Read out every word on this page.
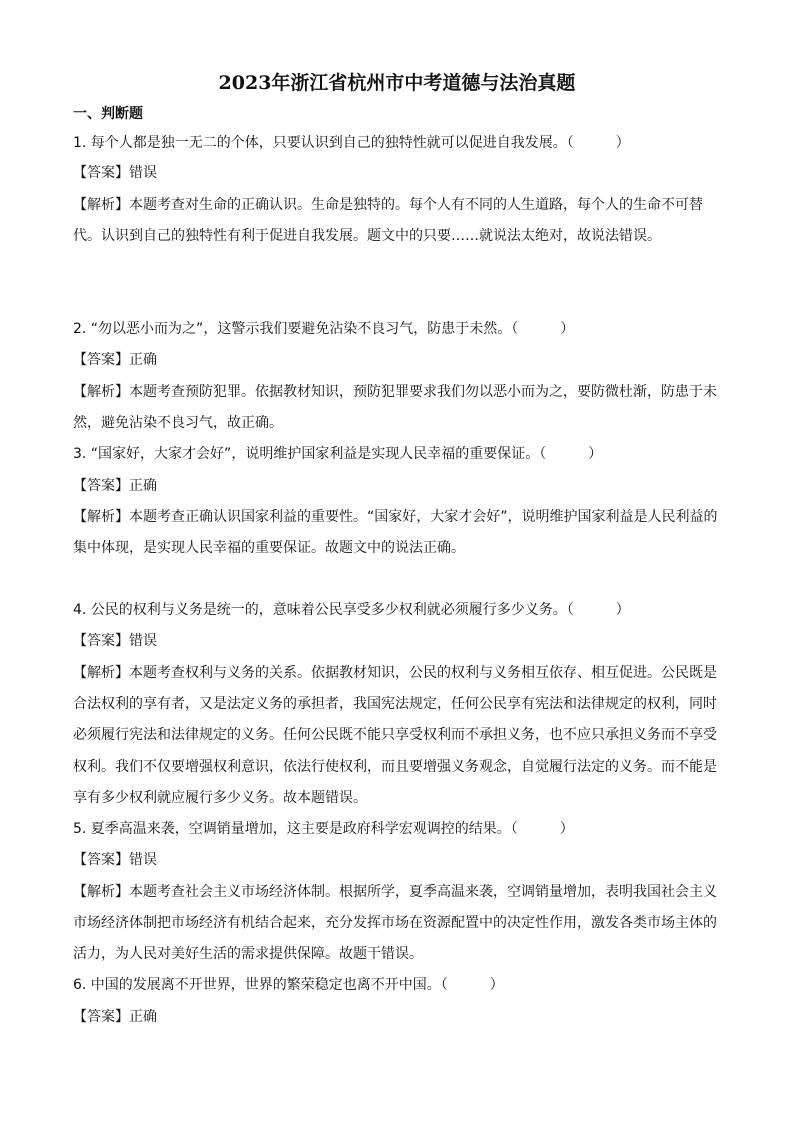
2023年浙江省杭州市中考道德与法治真题
一、判断题
1. 每个人都是独一无二的个体，只要认识到自己的独特性就可以促进自我发展。（　　　）
【答案】错误
【解析】本题考查对生命的正确认识。生命是独特的。每个人有不同的人生道路，每个人的生命不可替
代。认识到自己的独特性有利于促进自我发展。题文中的只要……就说法太绝对，故说法错误。
2. “勿以恶小而为之”，这警示我们要避免沾染不良习气，防患于未然。（　　　）
【答案】正确
【解析】本题考查预防犯罪。依据教材知识，预防犯罪要求我们勿以恶小而为之，要防微杜渐，防患于未
然，避免沾染不良习气，故正确。
3. “国家好，大家才会好”，说明维护国家利益是实现人民幸福的重要保证。（　　　）
【答案】正确
【解析】本题考查正确认识国家利益的重要性。“国家好，大家才会好”，说明维护国家利益是人民利益的
集中体现，是实现人民幸福的重要保证。故题文中的说法正确。
4. 公民的权利与义务是统一的，意味着公民享受多少权利就必须履行多少义务。（　　　）
【答案】错误
【解析】本题考查权利与义务的关系。依据教材知识，公民的权利与义务相互依存、相互促进。公民既是
合法权利的享有者，又是法定义务的承担者，我国宪法规定，任何公民享有宪法和法律规定的权利，同时
必须履行宪法和法律规定的义务。任何公民既不能只享受权利而不承担义务，也不应只承担义务而不享受
权利。我们不仅要增强权利意识，依法行使权利，而且要增强义务观念，自觉履行法定的义务。而不能是
享有多少权利就应履行多少义务。故本题错误。
5. 夏季高温来袭，空调销量增加，这主要是政府科学宏观调控的结果。（　　　）
【答案】错误
【解析】本题考查社会主义市场经济体制。根据所学，夏季高温来袭，空调销量增加，表明我国社会主义
市场经济体制把市场经济有机结合起来，充分发挥市场在资源配置中的决定性作用，激发各类市场主体的
活力，为人民对美好生活的需求提供保障。故题干错误。
6. 中国的发展离不开世界，世界的繁荣稳定也离不开中国。（　　　）
【答案】正确
